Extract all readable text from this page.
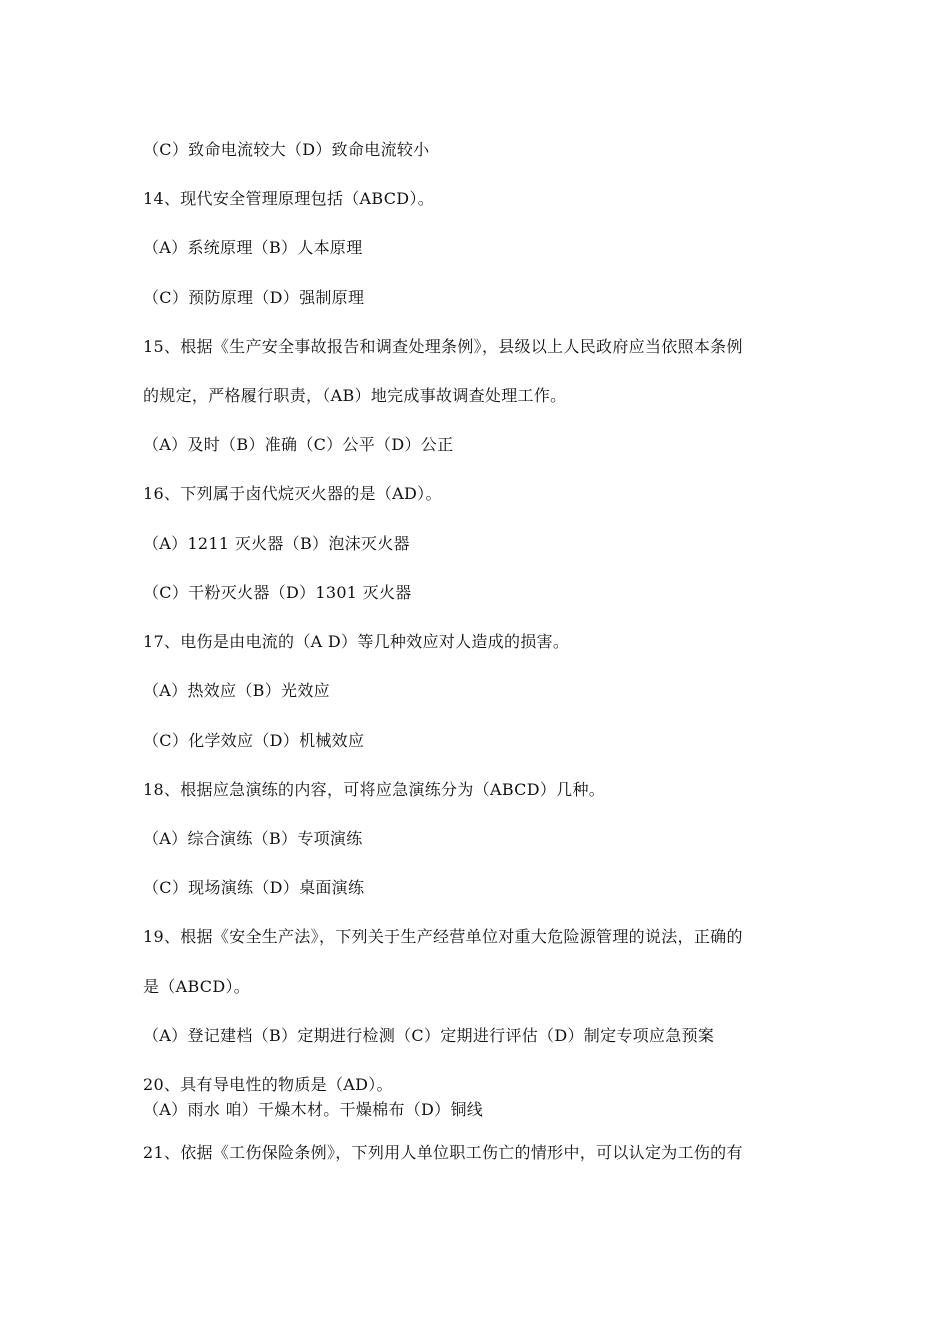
（C）致命电流较大（D）致命电流较小
14、现代安全管理原理包括（ABCD）。
（A）系统原理（B）人本原理
（C）预防原理（D）强制原理
15、根据《生产安全事故报告和调查处理条例》，县级以上人民政府应当依照本条例
的规定，严格履行职责，（AB）地完成事故调查处理工作。
（A）及时（B）准确（C）公平（D）公正
16、下列属于卤代烷灭火器的是（AD）。
（A）1211 灭火器（B）泡沫灭火器
（C）干粉灭火器（D）1301 灭火器
17、电伤是由电流的（A D）等几种效应对人造成的损害。
（A）热效应（B）光效应
（C）化学效应（D）机械效应
18、根据应急演练的内容，可将应急演练分为（ABCD）几种。
（A）综合演练（B）专项演练
（C）现场演练（D）桌面演练
19、根据《安全生产法》，下列关于生产经营单位对重大危险源管理的说法，正确的
是（ABCD）。
（A）登记建档（B）定期进行检测（C）定期进行评估（D）制定专项应急预案
20、具有导电性的物质是（AD）。
（A）雨水 咱）干燥木材。干燥棉布（D）铜线
21、依据《工伤保险条例》，下列用人单位职工伤亡的情形中，可以认定为工伤的有
